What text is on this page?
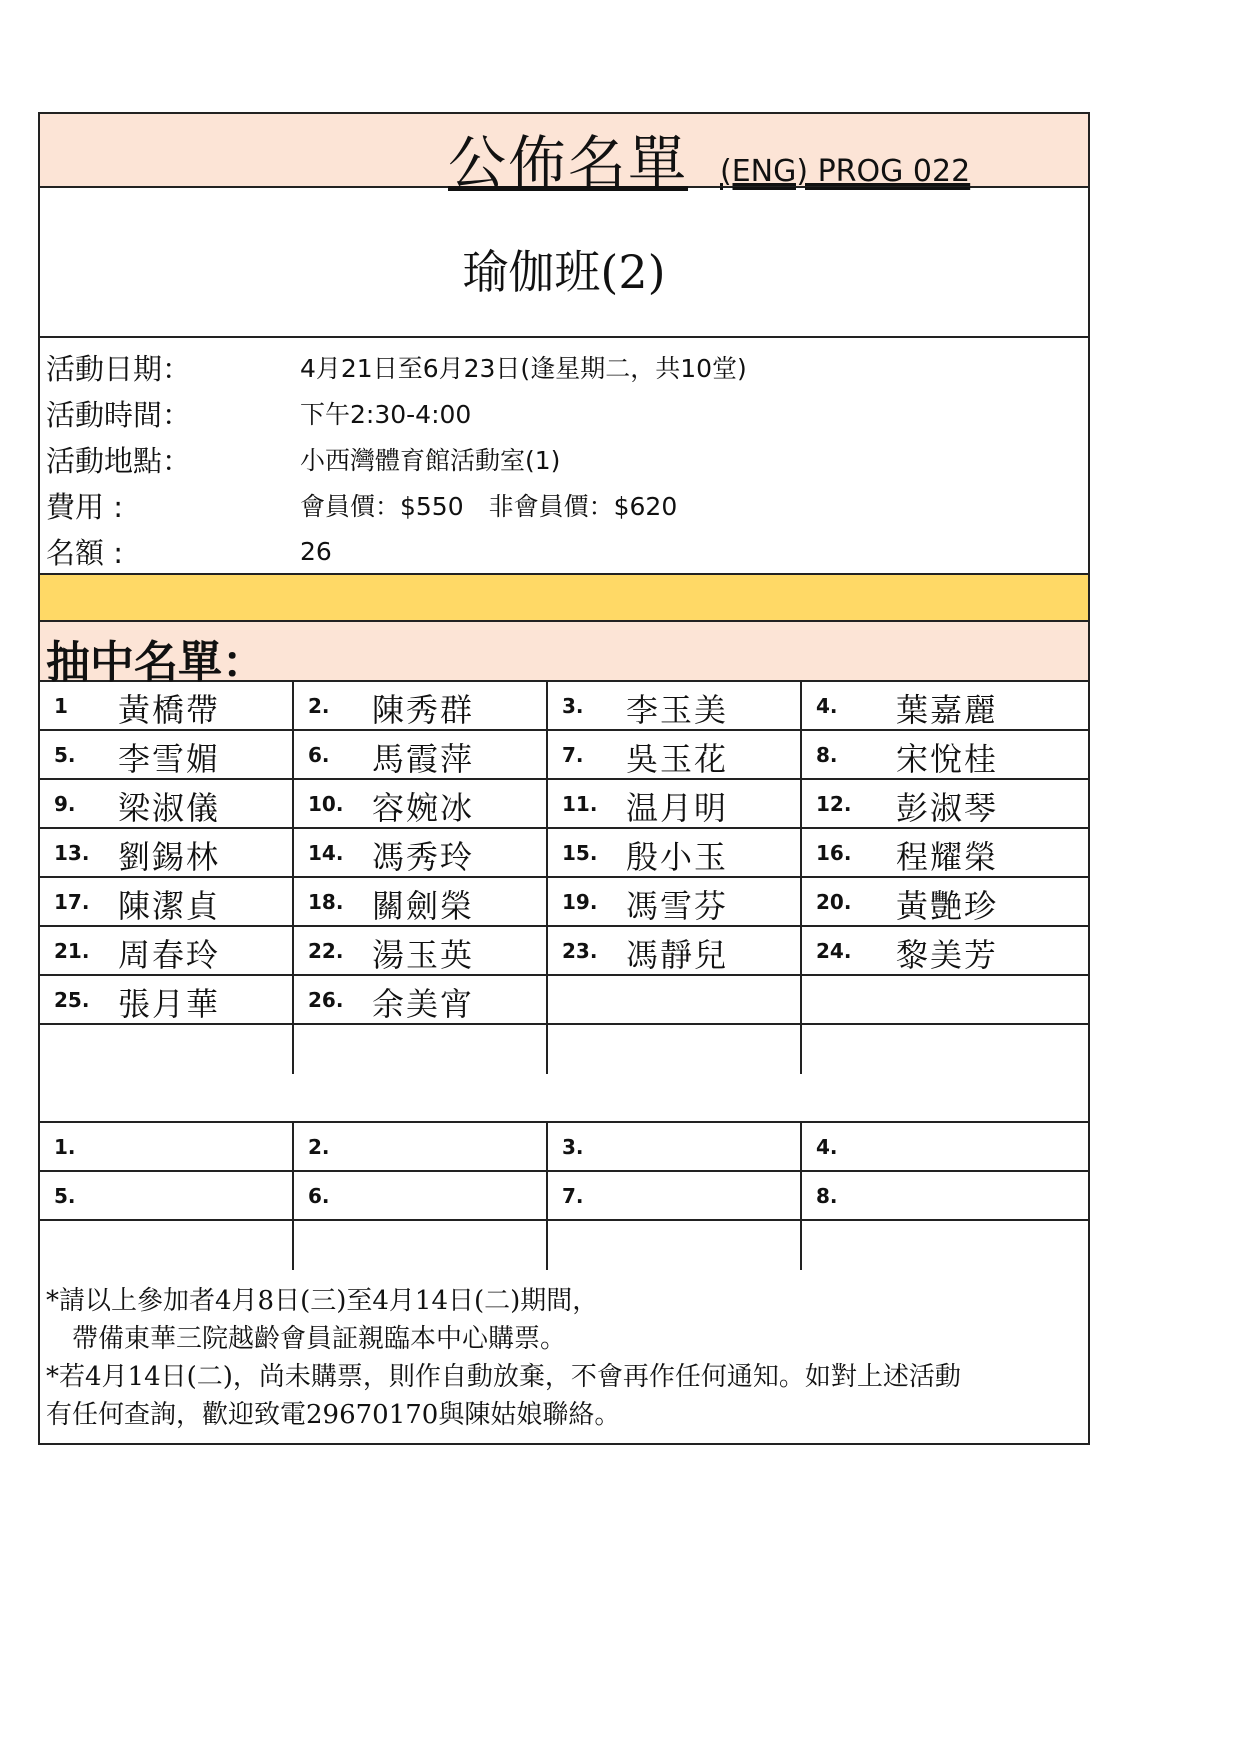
公佈名單 (ENG) PROG 022
瑜伽班(2)
活動日期：	4月21日至6月23日(逢星期二，共10堂)
活動時間：	下午2:30-4:00
活動地點：	小西灣體育館活動室(1)
費用 :	會員價：$550　非會員價：$620
名額 :	26
抽中名單：
1 黃橋帶	2. 陳秀群	3. 李玉美	4. 葉嘉麗
5. 李雪媚	6. 馬霞萍	7. 吳玉花	8. 宋悅桂
9. 梁淑儀	10. 容婉冰	11. 温月明	12. 彭淑琴
13. 劉錫林	14. 馮秀玲	15. 殷小玉	16. 程耀榮
17. 陳潔貞	18. 關劍榮	19. 馮雪芬	20. 黃艷珍
21. 周春玲	22. 湯玉英	23. 馮靜兒	24. 黎美芳
25. 張月華	26. 余美宵
1.	2.	3.	4.
5.	6.	7.	8.
*請以上參加者4月8日(三)至4月14日(二)期間，
　帶備東華三院越齡會員証親臨本中心購票。
*若4月14日(二)，尚未購票，則作自動放棄，不會再作任何通知。如對上述活動
有任何查詢，歡迎致電29670170與陳姑娘聯絡。
